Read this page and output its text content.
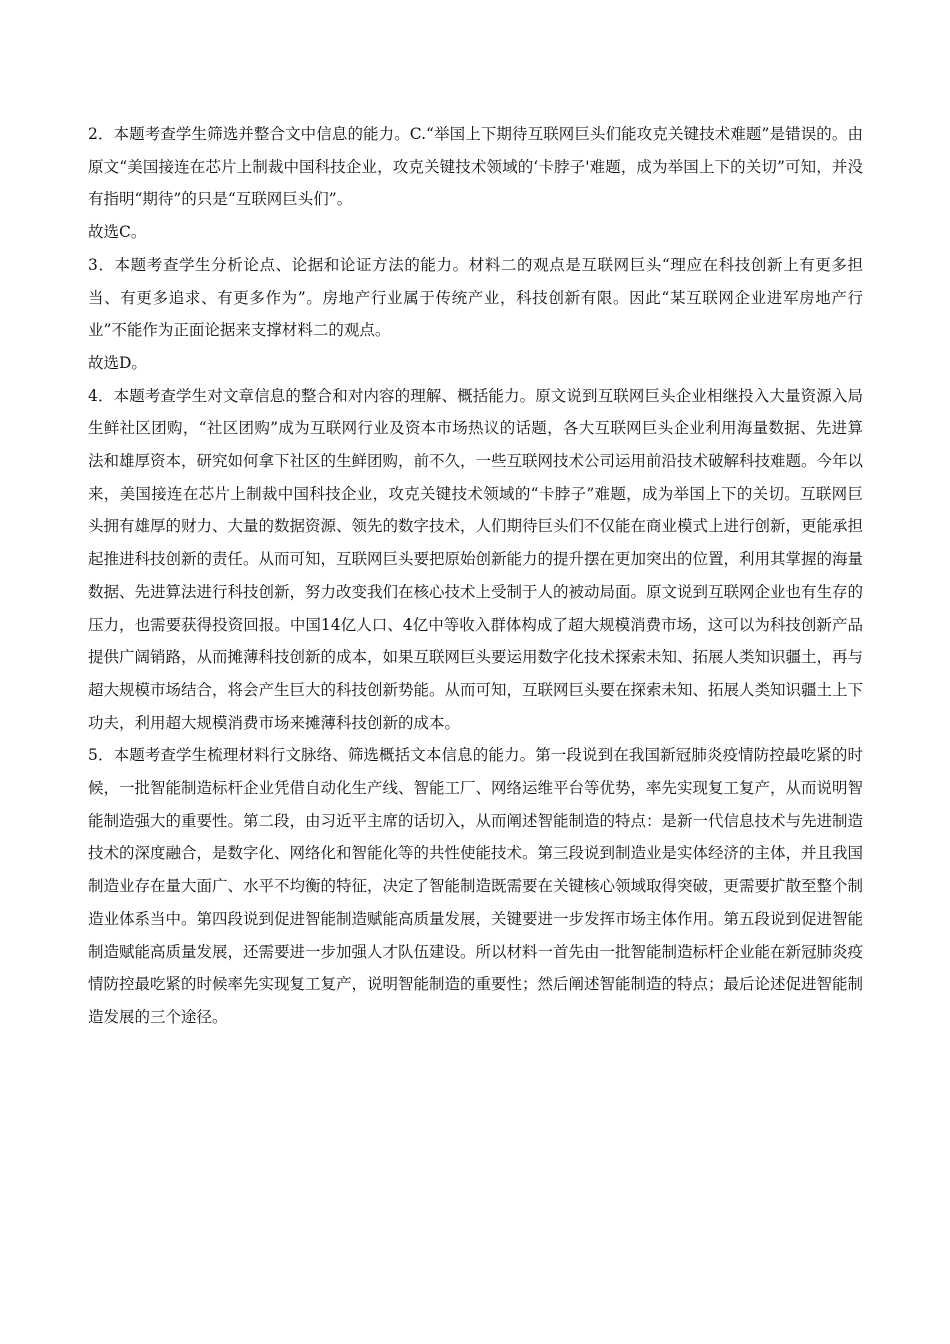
2．本题考查学生筛选并整合文中信息的能力。C.“举国上下期待互联网巨头们能攻克关键技术难题”是错误的。由原文“美国接连在芯片上制裁中国科技企业，攻克关键技术领域的‘卡脖子'难题，成为举国上下的关切”可知，并没有指明“期待”的只是“互联网巨头们”。

故选C。

3．本题考查学生分析论点、论据和论证方法的能力。材料二的观点是互联网巨头“理应在科技创新上有更多担当、有更多追求、有更多作为”。房地产行业属于传统产业，科技创新有限。因此“某互联网企业进军房地产行业”不能作为正面论据来支撑材料二的观点。

故选D。

4．本题考查学生对文章信息的整合和对内容的理解、概括能力。原文说到互联网巨头企业相继投入大量资源入局生鲜社区团购，“社区团购”成为互联网行业及资本市场热议的话题，各大互联网巨头企业利用海量数据、先进算法和雄厚资本，研究如何拿下社区的生鲜团购，前不久，一些互联网技术公司运用前沿技术破解科技难题。今年以来，美国接连在芯片上制裁中国科技企业，攻克关键技术领域的“卡脖子”难题，成为举国上下的关切。互联网巨头拥有雄厚的财力、大量的数据资源、领先的数字技术，人们期待巨头们不仅能在商业模式上进行创新，更能承担起推进科技创新的责任。从而可知，互联网巨头要把原始创新能力的提升摆在更加突出的位置，利用其掌握的海量数据、先进算法进行科技创新，努力改变我们在核心技术上受制于人的被动局面。原文说到互联网企业也有生存的压力，也需要获得投资回报。中国14亿人口、4亿中等收入群体构成了超大规模消费市场，这可以为科技创新产品提供广阔销路，从而摊薄科技创新的成本，如果互联网巨头要运用数字化技术探索未知、拓展人类知识疆土，再与超大规模市场结合，将会产生巨大的科技创新势能。从而可知，互联网巨头要在探索未知、拓展人类知识疆土上下功夫，利用超大规模消费市场来摊薄科技创新的成本。

5．本题考查学生梳理材料行文脉络、筛选概括文本信息的能力。第一段说到在我国新冠肺炎疫情防控最吃紧的时候，一批智能制造标杆企业凭借自动化生产线、智能工厂、网络运维平台等优势，率先实现复工复产，从而说明智能制造强大的重要性。第二段，由习近平主席的话切入，从而阐述智能制造的特点：是新一代信息技术与先进制造技术的深度融合，是数字化、网络化和智能化等的共性使能技术。第三段说到制造业是实体经济的主体，并且我国制造业存在量大面广、水平不均衡的特征，决定了智能制造既需要在关键核心领域取得突破，更需要扩散至整个制造业体系当中。第四段说到促进智能制造赋能高质量发展，关键要进一步发挥市场主体作用。第五段说到促进智能制造赋能高质量发展，还需要进一步加强人才队伍建设。所以材料一首先由一批智能制造标杆企业能在新冠肺炎疫情防控最吃紧的时候率先实现复工复产，说明智能制造的重要性；然后阐述智能制造的特点；最后论述促进智能制造发展的三个途径。
